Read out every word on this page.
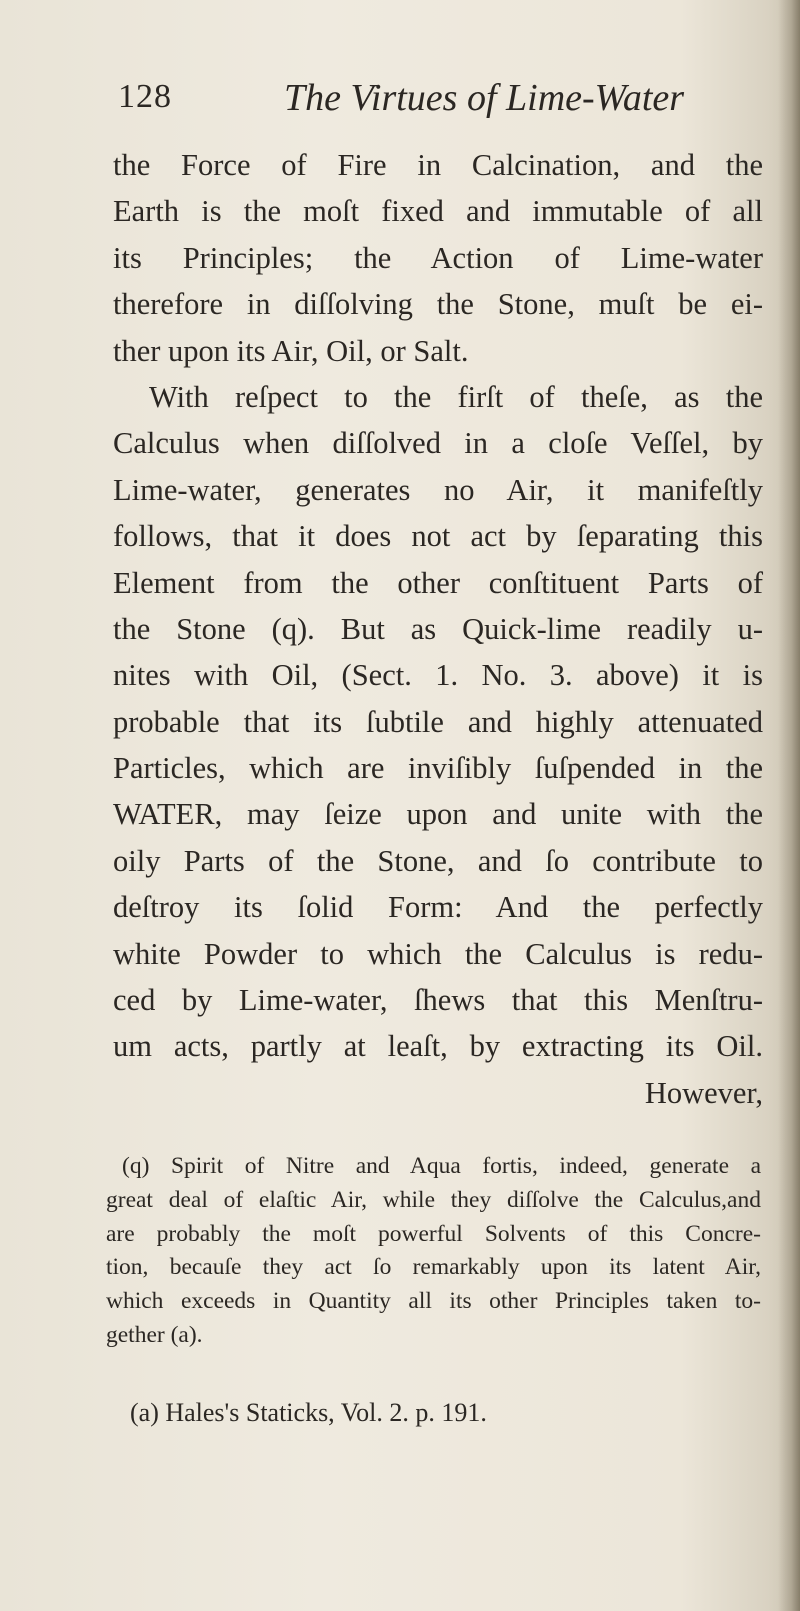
128	The Virtues of Lime-Water
the Force of Fire in Calcination, and the
Earth is the moſt fixed and immutable of all
its Principles; the Action of Lime-water
therefore in diſſolving the Stone, muſt be ei-
ther upon its Air, Oil, or Salt.
With reſpect to the firſt of theſe, as the
Calculus when diſſolved in a cloſe Veſſel, by
Lime-water, generates no Air, it manifeſtly
follows, that it does not act by ſeparating this
Element from the other conſtituent Parts of
the Stone (q). But as Quick-lime readily u-
nites with Oil, (Sect. 1. No. 3. above) it is
probable that its ſubtile and highly attenuated
Particles, which are inviſibly ſuſpended in the
WATER, may ſeize upon and unite with the
oily Parts of the Stone, and ſo contribute to
deſtroy its ſolid Form: And the perfectly
white Powder to which the Calculus is redu-
ced by Lime-water, ſhews that this Menſtru-
um acts, partly at leaſt, by extracting its Oil.
However,
(q) Spirit of Nitre and Aqua fortis, indeed, generate a
great deal of elaſtic Air, while they diſſolve the Calculus,and
are probably the moſt powerful Solvents of this Concre-
tion, becauſe they act ſo remarkably upon its latent Air,
which exceeds in Quantity all its other Principles taken to-
gether (a).
(a) Hales's Staticks, Vol. 2. p. 191.
